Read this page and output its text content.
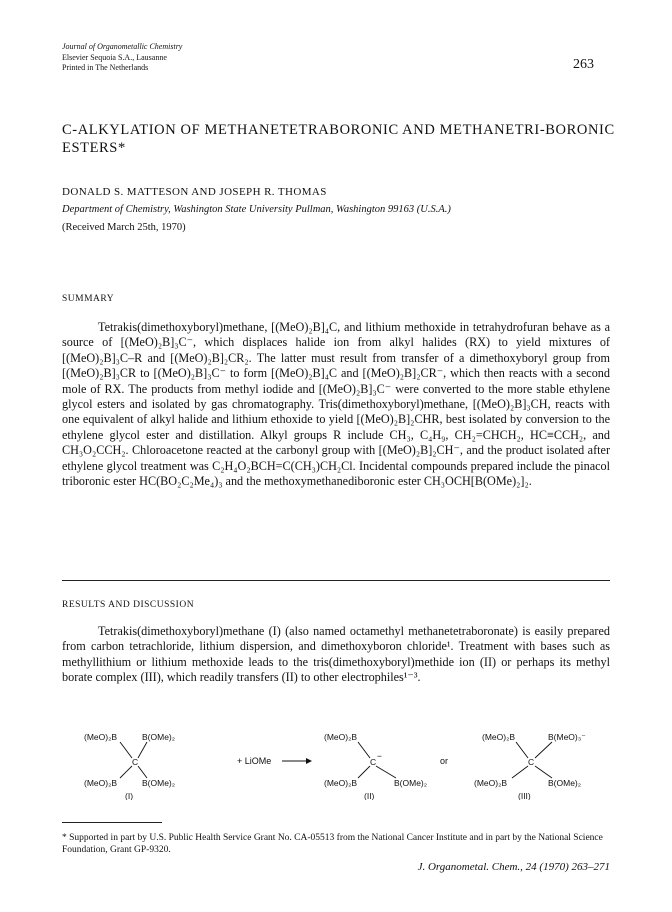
Journal of Organometallic Chemistry
Elsevier Sequoia S.A., Lausanne
Printed in The Netherlands	263
C-ALKYLATION OF METHANETETRABORONIC AND METHANETRI-BORONIC ESTERS*
DONALD S. MATTESON AND JOSEPH R. THOMAS
Department of Chemistry, Washington State University Pullman, Washington 99163 (U.S.A.)
(Received March 25th, 1970)
SUMMARY

Tetrakis(dimethoxyboryl)methane, [(MeO)₂B]₄C, and lithium methoxide in tetrahydrofuran behave as a source of [(MeO)₂B]₃C⁻, which displaces halide ion from alkyl halides (RX) to yield mixtures of [(MeO)₂B]₃C–R and [(MeO)₂B]₂CR₂. The latter must result from transfer of a dimethoxyboryl group from [(MeO)₂B]₃CR to [(MeO)₂B]₃C⁻ to form [(MeO)₂B]₄C and [(MeO)₂B]₂CR⁻, which then reacts with a second mole of RX. The products from methyl iodide and [(MeO)₂B]₃C⁻ were converted to the more stable ethylene glycol esters and isolated by gas chromatography. Tris(dimethoxyboryl)methane, [(MeO)₂B]₃CH, reacts with one equivalent of alkyl halide and lithium ethoxide to yield [(MeO)₂B]₂CHR, best isolated by conversion to the ethylene glycol ester and distillation. Alkyl groups R include CH₃, C₄H₉, CH₂=CHCH₂, HC≡CCH₂, and CH₃O₂CCH₂. Chloroacetone reacted at the carbonyl group with [(MeO)₂B]₂CH⁻, and the product isolated after ethylene glycol treatment was C₂H₄O₂BCH=C(CH₃)CH₂Cl. Incidental compounds prepared include the pinacol triboronic ester HC(BO₂C₂Me₄)₃ and the methoxymethanediboronic ester CH₃OCH[B(OMe)₂]₂.

RESULTS AND DISCUSSION

Tetrakis(dimethoxyboryl)methane (I) (also named octamethyl methanetetraboronate) is easily prepared from carbon tetrachloride, lithium dispersion, and dimethoxyboron chloride¹. Treatment with bases such as methyllithium or lithium methoxide leads to the tris(dimethoxyboryl)methide ion (II) or perhaps its methyl borate complex (III), which readily transfers (II) to other electrophiles¹⁻³.

(MeO)₂B	B(OMe)₂
(MeO)₂B	B(OMe)₂
C
(I)
+ LiOMe
(MeO)₂B
(MeO)₂B	B(OMe)₂
C
−
(II)
or
(MeO)₂B	B(MeO)₃⁻
(MeO)₂B	B(OMe)₂
C
(III)
* Supported in part by U.S. Public Health Service Grant No. CA-05513 from the National Cancer Institute and in part by the National Science Foundation, Grant GP-9320.
J. Organometal. Chem., 24 (1970) 263–271
